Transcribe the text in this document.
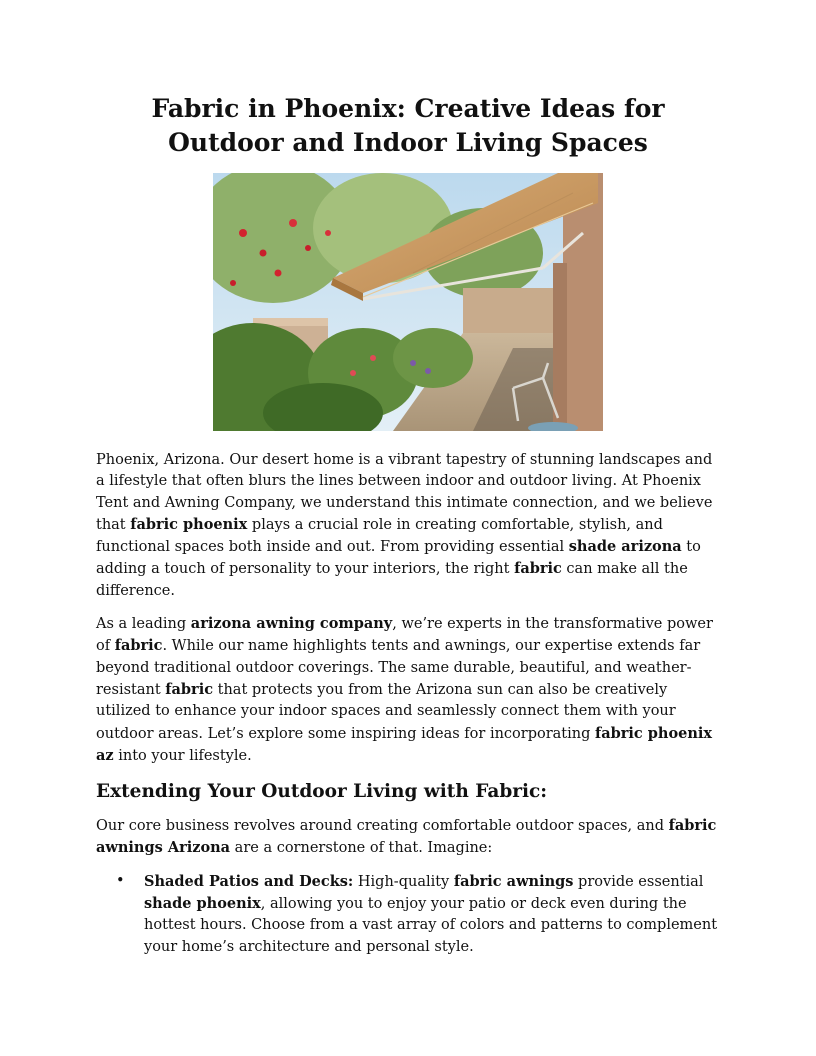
Fabric in Phoenix: Creative Ideas for
Outdoor and Indoor Living Spaces

Phoenix, Arizona. Our desert home is a vibrant tapestry of stunning landscapes and a lifestyle that often blurs the lines between indoor and outdoor living. At Phoenix Tent and Awning Company, we understand this intimate connection, and we believe that fabric phoenix plays a crucial role in creating comfortable, stylish, and functional spaces both inside and out. From providing essential shade arizona to adding a touch of personality to your interiors, the right fabric can make all the difference.

As a leading arizona awning company, we’re experts in the transformative power of fabric. While our name highlights tents and awnings, our expertise extends far beyond traditional outdoor coverings. The same durable, beautiful, and weather-resistant fabric that protects you from the Arizona sun can also be creatively utilized to enhance your indoor spaces and seamlessly connect them with your outdoor areas. Let’s explore some inspiring ideas for incorporating fabric phoenix az into your lifestyle.

Extending Your Outdoor Living with Fabric:

Our core business revolves around creating comfortable outdoor spaces, and fabric awnings Arizona are a cornerstone of that. Imagine:

• Shaded Patios and Decks: High-quality fabric awnings provide essential shade phoenix, allowing you to enjoy your patio or deck even during the hottest hours. Choose from a vast array of colors and patterns to complement your home’s architecture and personal style.
